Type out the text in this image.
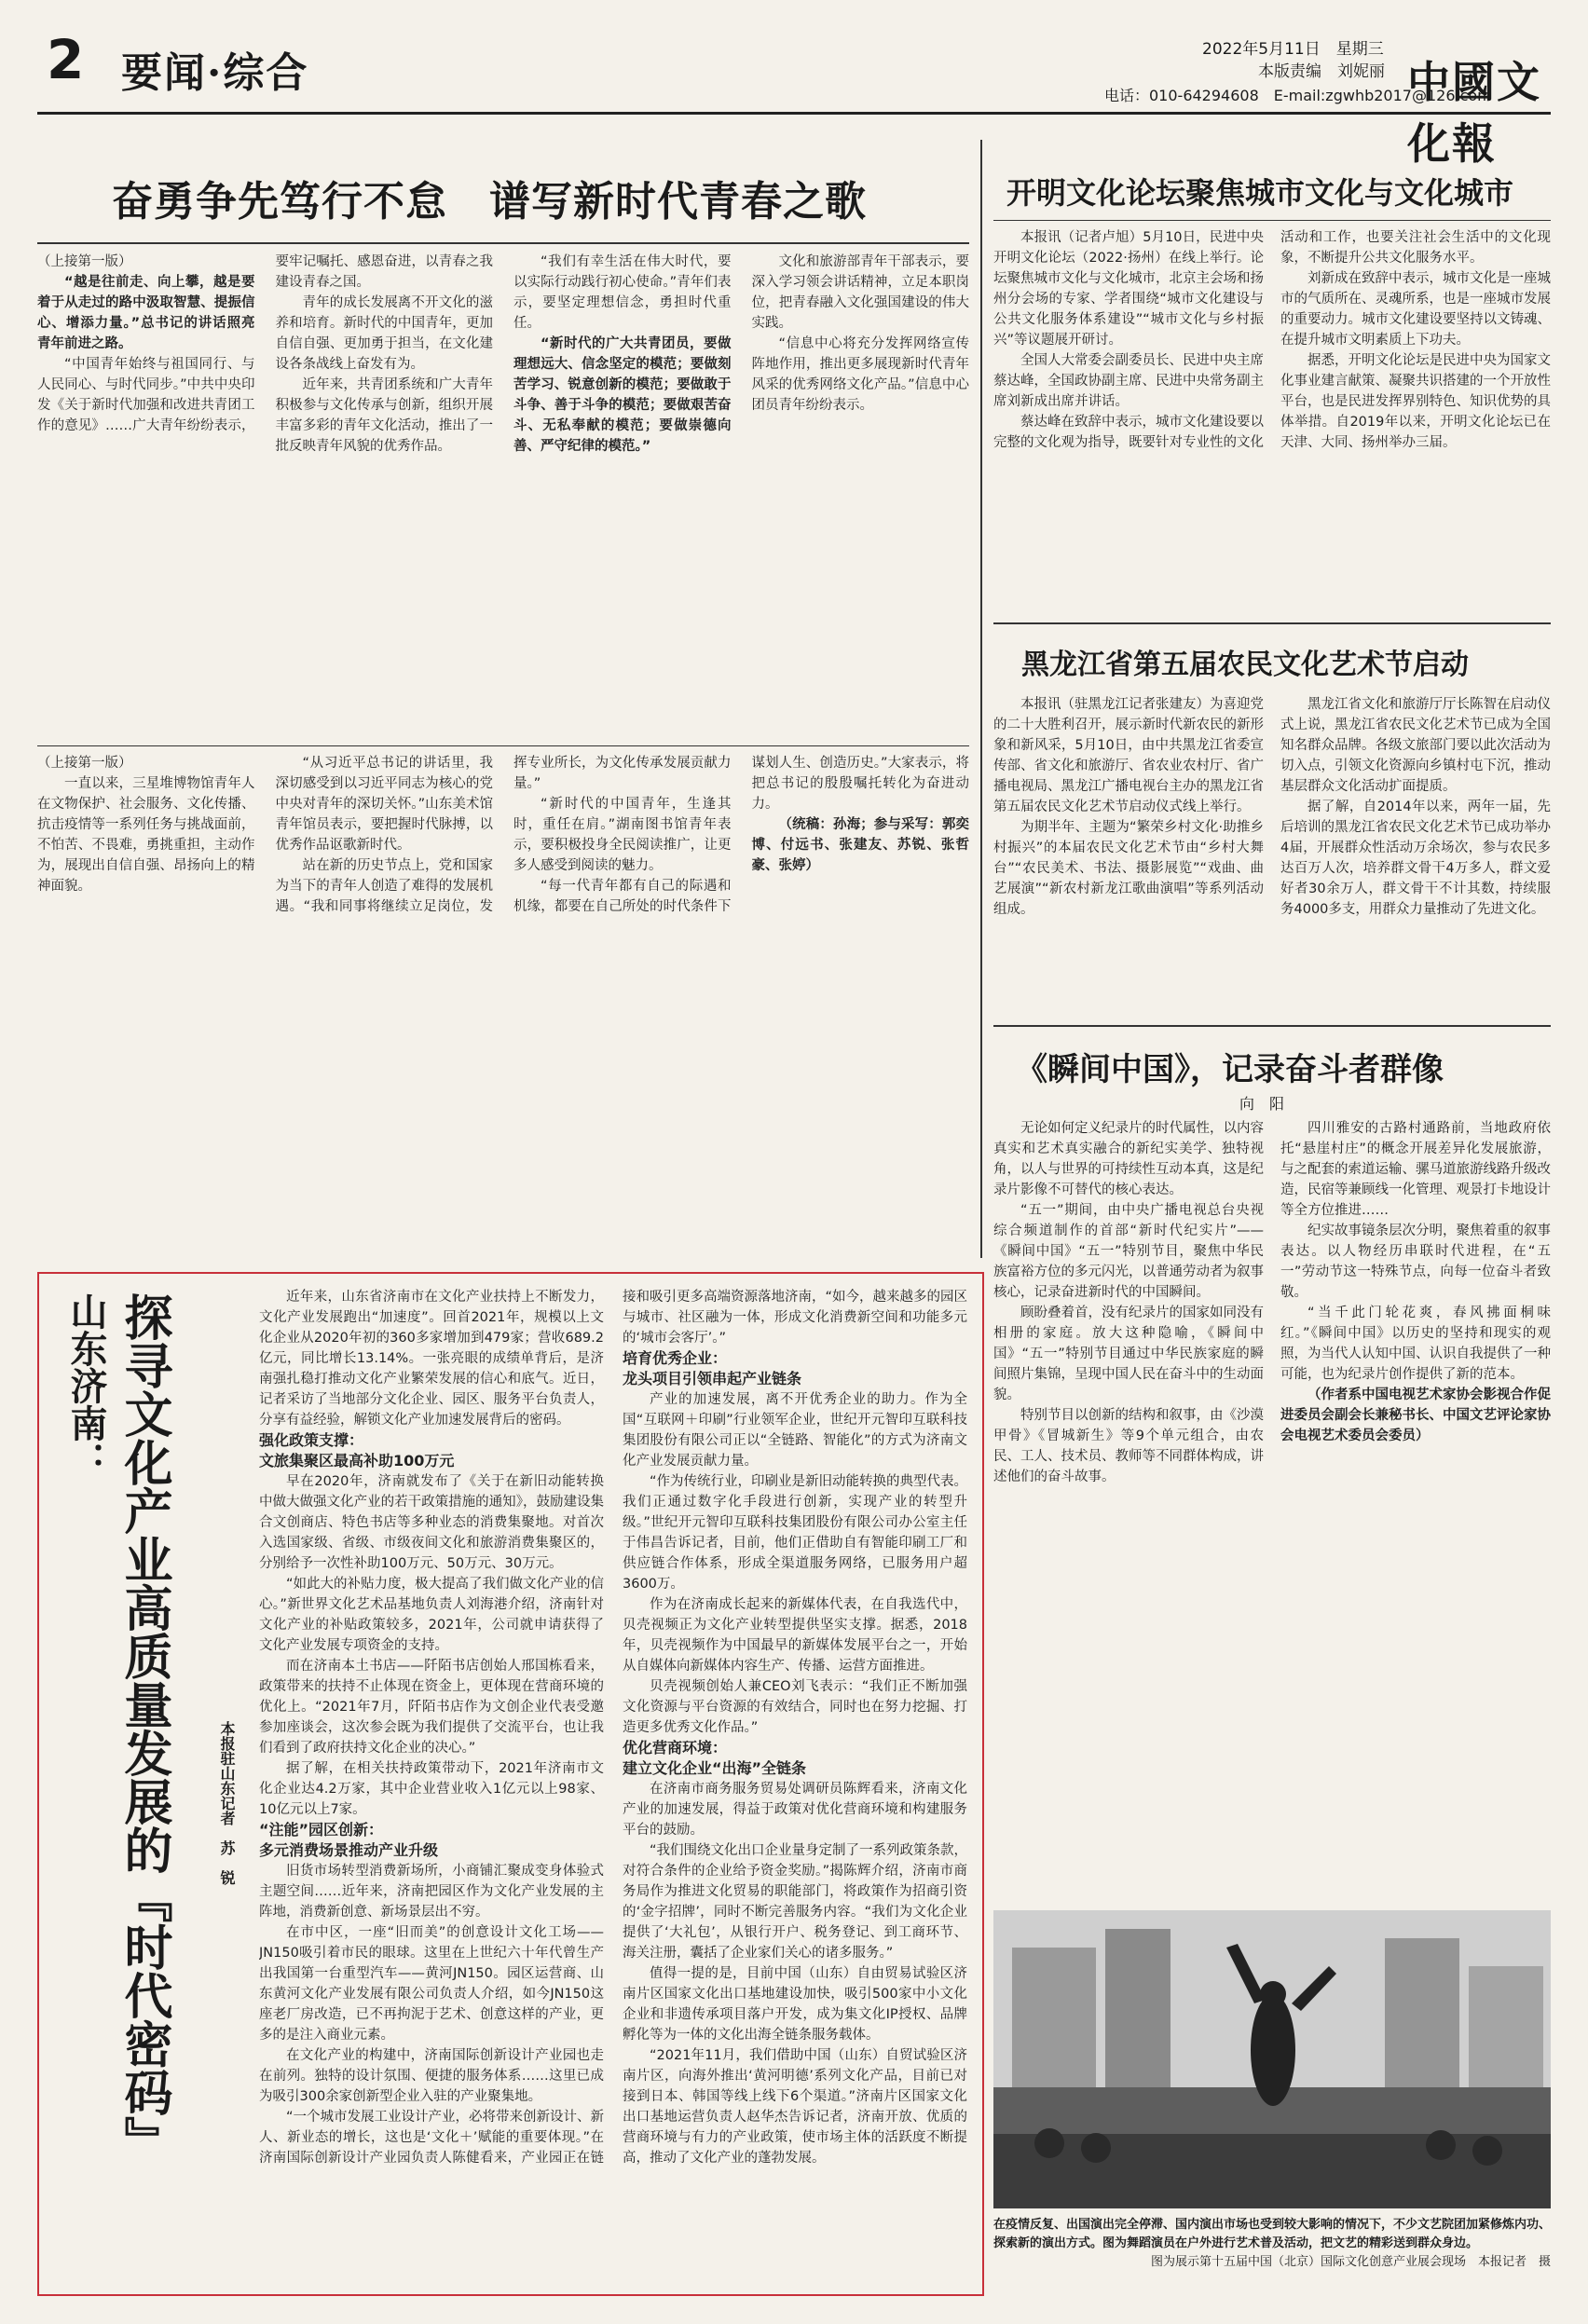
2 要闻·综合	2022年5月11日　星期三
本版责编　刘妮丽
电话：010-64294608　E-mail:zgwhb2017@126.com
中國文化報
奋勇争先笃行不怠　谱写新时代青春之歌

（上接第一版）

“越是往前走、向上攀，越是要着于从走过的路中汲取智慧、提振信心、增添力量。”总书记的讲话照亮青年前进之路。

“中国青年始终与祖国同行、与人民同心、与时代同步。”中共中央印发《关于新时代加强和改进共青团工作的意见》……广大青年纷纷表示，要牢记嘱托、感恩奋进，以青春之我建设青春之国。

青年的成长发展离不开文化的滋养和培育。新时代的中国青年，更加自信自强、更加勇于担当，在文化建设各条战线上奋发有为。

近年来，共青团系统和广大青年积极参与文化传承与创新，组织开展丰富多彩的青年文化活动，推出了一批反映青年风貌的优秀作品。

“我们有幸生活在伟大时代，要以实际行动践行初心使命。”青年们表示，要坚定理想信念，勇担时代重任。

“新时代的广大共青团员，要做理想远大、信念坚定的模范；要做刻苦学习、锐意创新的模范；要做敢于斗争、善于斗争的模范；要做艰苦奋斗、无私奉献的模范；要做崇德向善、严守纪律的模范。”

文化和旅游部青年干部表示，要深入学习领会讲话精神，立足本职岗位，把青春融入文化强国建设的伟大实践。

“信息中心将充分发挥网络宣传阵地作用，推出更多展现新时代青年风采的优秀网络文化产品。”信息中心团员青年纷纷表示。

（上接第一版）

一直以来，三星堆博物馆青年人在文物保护、社会服务、文化传播、抗击疫情等一系列任务与挑战面前，不怕苦、不畏难，勇挑重担，主动作为，展现出自信自强、昂扬向上的精神面貌。

“从习近平总书记的讲话里，我深切感受到以习近平同志为核心的党中央对青年的深切关怀。”山东美术馆青年馆员表示，要把握时代脉搏，以优秀作品讴歌新时代。

站在新的历史节点上，党和国家为当下的青年人创造了难得的发展机遇。“我和同事将继续立足岗位，发挥专业所长，为文化传承发展贡献力量。”

“新时代的中国青年，生逢其时，重任在肩。”湖南图书馆青年表示，要积极投身全民阅读推广，让更多人感受到阅读的魅力。

“每一代青年都有自己的际遇和机缘，都要在自己所处的时代条件下谋划人生、创造历史。”大家表示，将把总书记的殷殷嘱托转化为奋进动力。

（统稿：孙海；参与采写：郭奕博、付远书、张建友、苏锐、张哲豪、张婷）

开明文化论坛聚焦城市文化与文化城市

本报讯（记者卢旭）5月10日，民进中央开明文化论坛（2022·扬州）在线上举行。论坛聚焦城市文化与文化城市，北京主会场和扬州分会场的专家、学者围绕“城市文化建设与公共文化服务体系建设”“城市文化与乡村振兴”等议题展开研讨。

全国人大常委会副委员长、民进中央主席蔡达峰，全国政协副主席、民进中央常务副主席刘新成出席并讲话。

蔡达峰在致辞中表示，城市文化建设要以完整的文化观为指导，既要针对专业性的文化活动和工作，也要关注社会生活中的文化现象，不断提升公共文化服务水平。

刘新成在致辞中表示，城市文化是一座城市的气质所在、灵魂所系，也是一座城市发展的重要动力。城市文化建设要坚持以文铸魂、在提升城市文明素质上下功夫。

据悉，开明文化论坛是民进中央为国家文化事业建言献策、凝聚共识搭建的一个开放性平台，也是民进发挥界别特色、知识优势的具体举措。自2019年以来，开明文化论坛已在天津、大同、扬州举办三届。

黑龙江省第五届农民文化艺术节启动

本报讯（驻黑龙江记者张建友）为喜迎党的二十大胜利召开，展示新时代新农民的新形象和新风采，5月10日，由中共黑龙江省委宣传部、省文化和旅游厅、省农业农村厅、省广播电视局、黑龙江广播电视台主办的黑龙江省第五届农民文化艺术节启动仪式线上举行。

为期半年、主题为“繁荣乡村文化·助推乡村振兴”的本届农民文化艺术节由“乡村大舞台”“农民美术、书法、摄影展览”“戏曲、曲艺展演”“新农村新龙江歌曲演唱”等系列活动组成。

黑龙江省文化和旅游厅厅长陈智在启动仪式上说，黑龙江省农民文化艺术节已成为全国知名群众品牌。各级文旅部门要以此次活动为切入点，引领文化资源向乡镇村屯下沉，推动基层群众文化活动扩面提质。

据了解，自2014年以来，两年一届，先后培训的黑龙江省农民文化艺术节已成功举办4届，开展群众性活动万余场次，参与农民多达百万人次，培养群文骨干4万多人，群文爱好者30余万人，群文骨干不计其数，持续服务4000多支，用群众力量推动了先进文化。

《瞬间中国》，记录奋斗者群像
向　阳

无论如何定义纪录片的时代属性，以内容真实和艺术真实融合的新纪实美学、独特视角，以人与世界的可持续性互动本真，这是纪录片影像不可替代的核心表达。

“五一”期间，由中央广播电视总台央视综合频道制作的首部“新时代纪实片”——《瞬间中国》“五一”特别节目，聚焦中华民族富裕方位的多元闪光，以普通劳动者为叙事核心，记录奋进新时代的中国瞬间。

顾盼叠着首，没有纪录片的国家如同没有相册的家庭。放大这种隐喻，《瞬间中国》“五一”特别节目通过中华民族家庭的瞬间照片集锦，呈现中国人民在奋斗中的生动面貌。

特别节目以创新的结构和叙事，由《沙漠甲骨》《冒城新生》等9个单元组合，由农民、工人、技术员、教师等不同群体构成，讲述他们的奋斗故事。

四川雅安的古路村通路前，当地政府依托“悬崖村庄”的概念开展差异化发展旅游，与之配套的索道运输、骡马道旅游线路升级改造，民宿等兼顾线一化管理、观景打卡地设计等全方位推进……

纪实故事镜条层次分明，聚焦着重的叙事表达。以人物经历串联时代进程，在“五一”劳动节这一特殊节点，向每一位奋斗者致敬。

“当千此门轮花爽，春风拂面桐味红。”《瞬间中国》以历史的坚持和现实的观照，为当代人认知中国、认识自我提供了一种可能，也为纪录片创作提供了新的范本。

（作者系中国电视艺术家协会影视合作促进委员会副会长兼秘书长、中国文艺评论家协会电视艺术委员会委员）

在疫情反复、出国演出完全停滞、国内演出市场也受到较大影响的情况下，不少文艺院团加紧修炼内功、探索新的演出方式。图为舞蹈演员在户外进行艺术普及活动，把文艺的精彩送到群众身边。
图为展示第十五届中国（北京）国际文化创意产业展会现场　本报记者　摄
山东济南： 探寻文化产业高质量发展的『时代密码』	本报驻山东记者　苏　锐

近年来，山东省济南市在文化产业扶持上不断发力，文化产业发展跑出“加速度”。回首2021年，规模以上文化企业从2020年初的360多家增加到479家；营收689.2亿元，同比增长13.14%。一张亮眼的成绩单背后，是济南强扎稳打推动文化产业繁荣发展的信心和底气。近日，记者采访了当地部分文化企业、园区、服务平台负责人，分享有益经验，解锁文化产业加速发展背后的密码。

强化政策支撑：

文旅集聚区最高补助100万元

早在2020年，济南就发布了《关于在新旧动能转换中做大做强文化产业的若干政策措施的通知》，鼓励建设集合文创商店、特色书店等多种业态的消费集聚地。对首次入选国家级、省级、市级夜间文化和旅游消费集聚区的，分别给予一次性补助100万元、50万元、30万元。

“如此大的补贴力度，极大提高了我们做文化产业的信心。”新世界文化艺术品基地负责人刘海港介绍，济南针对文化产业的补贴政策较多，2021年，公司就申请获得了文化产业发展专项资金的支持。

而在济南本土书店——阡陌书店创始人邢国栋看来，政策带来的扶持不止体现在资金上，更体现在营商环境的优化上。“2021年7月，阡陌书店作为文创企业代表受邀参加座谈会，这次参会既为我们提供了交流平台，也让我们看到了政府扶持文化企业的决心。”

据了解，在相关扶持政策带动下，2021年济南市文化企业达4.2万家，其中企业营业收入1亿元以上98家、10亿元以上7家。

“注能”园区创新：

多元消费场景推动产业升级

旧货市场转型消费新场所，小商铺汇聚成变身体验式主题空间……近年来，济南把园区作为文化产业发展的主阵地，消费新创意、新场景层出不穷。

在市中区，一座“旧而美”的创意设计文化工场——JN150吸引着市民的眼球。这里在上世纪六十年代曾生产出我国第一台重型汽车——黄河JN150。园区运营商、山东黄河文化产业发展有限公司负责人介绍，如今JN150这座老厂房改造，已不再拘泥于艺术、创意这样的产业，更多的是注入商业元素。

在文化产业的构建中，济南国际创新设计产业园也走在前列。独特的设计氛围、便捷的服务体系……这里已成为吸引300余家创新型企业入驻的产业聚集地。

“一个城市发展工业设计产业，必将带来创新设计、新人、新业态的增长，这也是‘文化＋’赋能的重要体现。”在济南国际创新设计产业园负责人陈健看来，产业园正在链接和吸引更多高端资源落地济南，“如今，越来越多的园区与城市、社区融为一体，形成文化消费新空间和功能多元的‘城市会客厅’。”

培育优秀企业：

龙头项目引领串起产业链条

产业的加速发展，离不开优秀企业的助力。作为全国“互联网＋印刷”行业领军企业，世纪开元智印互联科技集团股份有限公司正以“全链路、智能化”的方式为济南文化产业发展贡献力量。

“作为传统行业，印刷业是新旧动能转换的典型代表。我们正通过数字化手段进行创新，实现产业的转型升级。”世纪开元智印互联科技集团股份有限公司办公室主任于伟昌告诉记者，目前，他们正借助自有智能印刷工厂和供应链合作体系，形成全渠道服务网络，已服务用户超3600万。

作为在济南成长起来的新媒体代表，在自我选代中，贝壳视频正为文化产业转型提供坚实支撑。据悉，2018年，贝壳视频作为中国最早的新媒体发展平台之一，开始从自媒体向新媒体内容生产、传播、运营方面推进。

贝壳视频创始人兼CEO刘飞表示：“我们正不断加强文化资源与平台资源的有效结合，同时也在努力挖掘、打造更多优秀文化作品。”

优化营商环境：

建立文化企业“出海”全链条

在济南市商务服务贸易处调研员陈辉看来，济南文化产业的加速发展，得益于政策对优化营商环境和构建服务平台的鼓励。

“我们围绕文化出口企业量身定制了一系列政策条款，对符合条件的企业给予资金奖励。”揭陈辉介绍，济南市商务局作为推进文化贸易的职能部门，将政策作为招商引资的‘金字招牌’，同时不断完善服务内容。“我们为文化企业提供了‘大礼包’，从银行开户、税务登记、到工商环节、海关注册，囊括了企业家们关心的诸多服务。”

值得一提的是，目前中国（山东）自由贸易试验区济南片区国家文化出口基地建设加快，吸引500家中小文化企业和非遗传承项目落户开发，成为集文化IP授权、品牌孵化等为一体的文化出海全链条服务载体。

“2021年11月，我们借助中国（山东）自贸试验区济南片区，向海外推出‘黄河明德’系列文化产品，目前已对接到日本、韩国等线上线下6个渠道。”济南片区国家文化出口基地运营负责人赵华杰告诉记者，济南开放、优质的营商环境与有力的产业政策，使市场主体的活跃度不断提高，推动了文化产业的蓬勃发展。
